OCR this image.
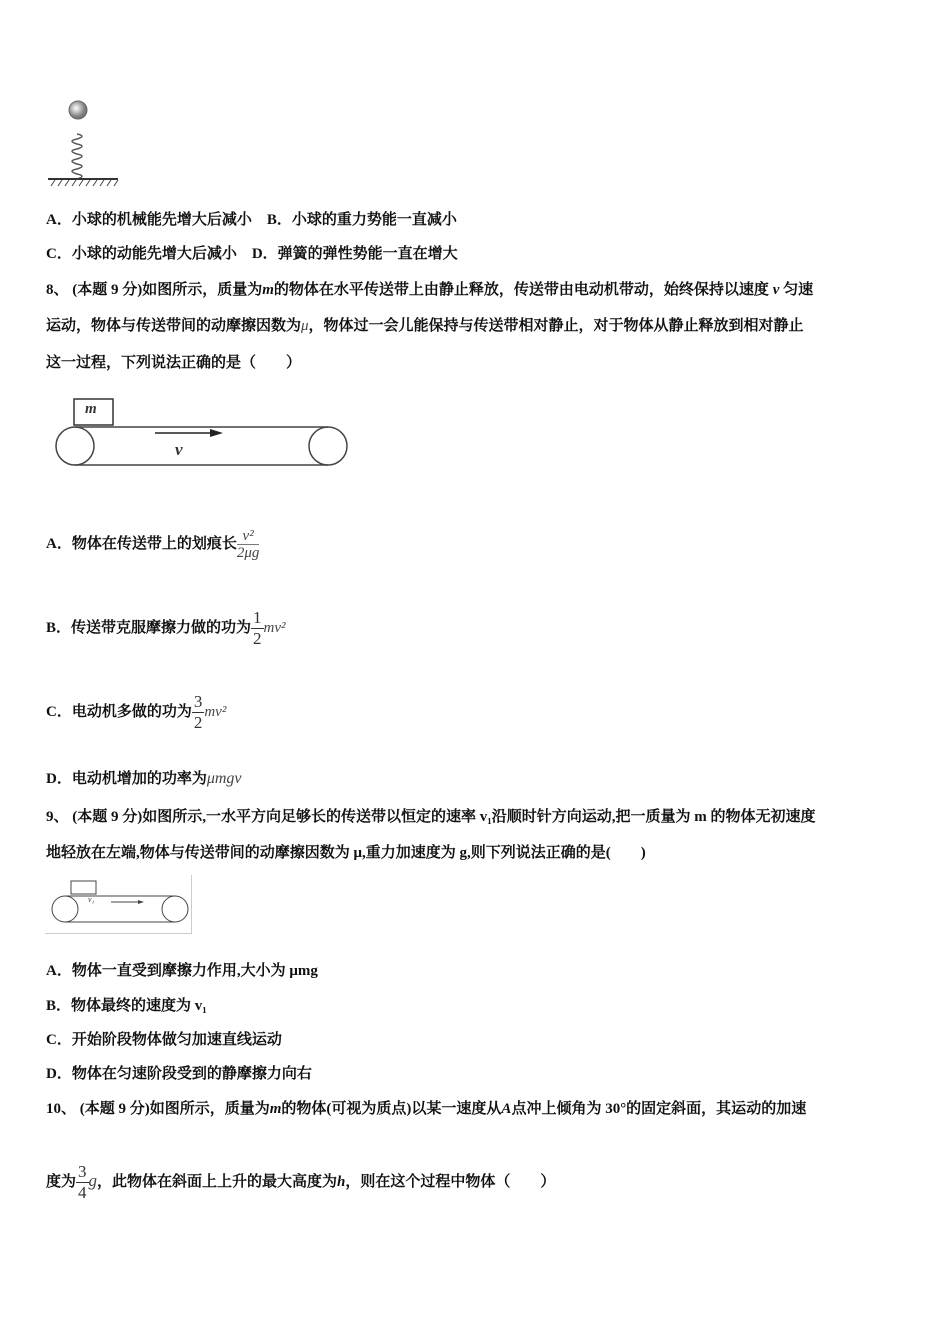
A．小球的机械能先增大后减小 B．小球的重力势能一直减小
C．小球的动能先增大后减小 D．弹簧的弹性势能一直在增大
8、 (本题 9 分)如图所示，质量为m的物体在水平传送带上由静止释放，传送带由电动机带动，始终保持以速度 v 匀速
运动，物体与传送带间的动摩擦因数为μ，物体过一会儿能保持与传送带相对静止，对于物体从静止释放到相对静止
这一过程，下列说法正确的是（　　）
m
v
A．物体在传送带上的划痕长 $\frac{\text{v²}}{2\mu g}$
B．传送带克服摩擦力做的功为 $\frac{1}{2} mv^2$
C．电动机多做的功为 $\frac{3}{2} mv^2$
D．电动机增加的功率为μmgv
9、 (本题 9 分)如图所示,一水平方向足够长的传送带以恒定的速率 v₁沿顺时针方向运动,把一质量为 m 的物体无初速度
地轻放在左端,物体与传送带间的动摩擦因数为 μ,重力加速度为 g,则下列说法正确的是(　　)
v₁
A．物体一直受到摩擦力作用,大小为 μmg
B．物体最终的速度为 v₁
C．开始阶段物体做匀加速直线运动
D．物体在匀速阶段受到的静摩擦力向右
10、 (本题 9 分)如图所示，质量为m的物体(可视为质点)以某一速度从A点冲上倾角为 30°的固定斜面，其运动的加速
度为 $\frac{3}{4}$ g，此物体在斜面上上升的最大高度为h，则在这个过程中物体（　　）
